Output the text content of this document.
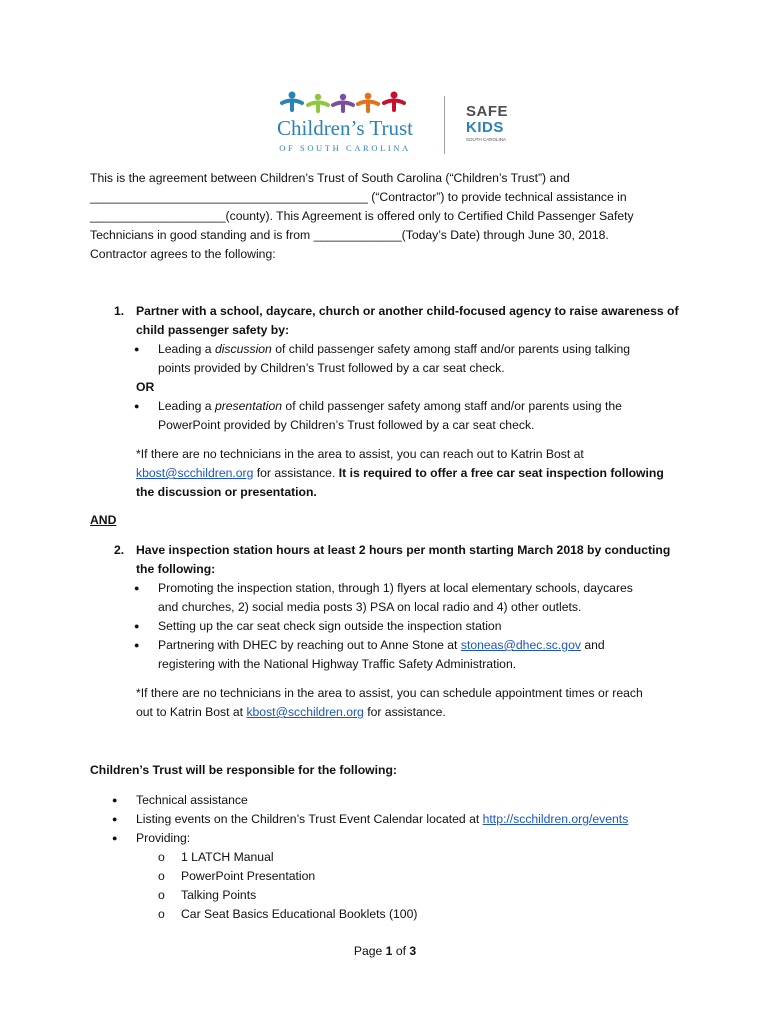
Children’s Trust
OF SOUTH CAROLINA
SAFE
KIDS
SOUTH CAROLINA
This is the agreement between Children’s Trust of South Carolina (“Children’s Trust”) and
_________________________________________ (“Contractor”) to provide technical assistance in
____________________(county). This Agreement is offered only to Certified Child Passenger Safety
Technicians in good standing and is from _____________(Today’s Date) through June 30, 2018.
Contractor agrees to the following:
1. Partner with a school, daycare, church or another child-focused agency to raise awareness of
child passenger safety by:
● Leading a discussion of child passenger safety among staff and/or parents using talking
points provided by Children’s Trust followed by a car seat check.
OR
● Leading a presentation of child passenger safety among staff and/or parents using the
PowerPoint provided by Children’s Trust followed by a car seat check.
*If there are no technicians in the area to assist, you can reach out to Katrin Bost at
kbost@scchildren.org for assistance. It is required to offer a free car seat inspection following
the discussion or presentation.
AND
2. Have inspection station hours at least 2 hours per month starting March 2018 by conducting
the following:
● Promoting the inspection station, through 1) flyers at local elementary schools, daycares
and churches, 2) social media posts 3) PSA on local radio and 4) other outlets.
● Setting up the car seat check sign outside the inspection station
● Partnering with DHEC by reaching out to Anne Stone at stoneas@dhec.sc.gov and
registering with the National Highway Traffic Safety Administration.
*If there are no technicians in the area to assist, you can schedule appointment times or reach
out to Katrin Bost at kbost@scchildren.org for assistance.
Children’s Trust will be responsible for the following:
● Technical assistance
● Listing events on the Children’s Trust Event Calendar located at http://scchildren.org/events
● Providing:
o 1 LATCH Manual
o PowerPoint Presentation
o Talking Points
o Car Seat Basics Educational Booklets (100)
Page 1 of 3
